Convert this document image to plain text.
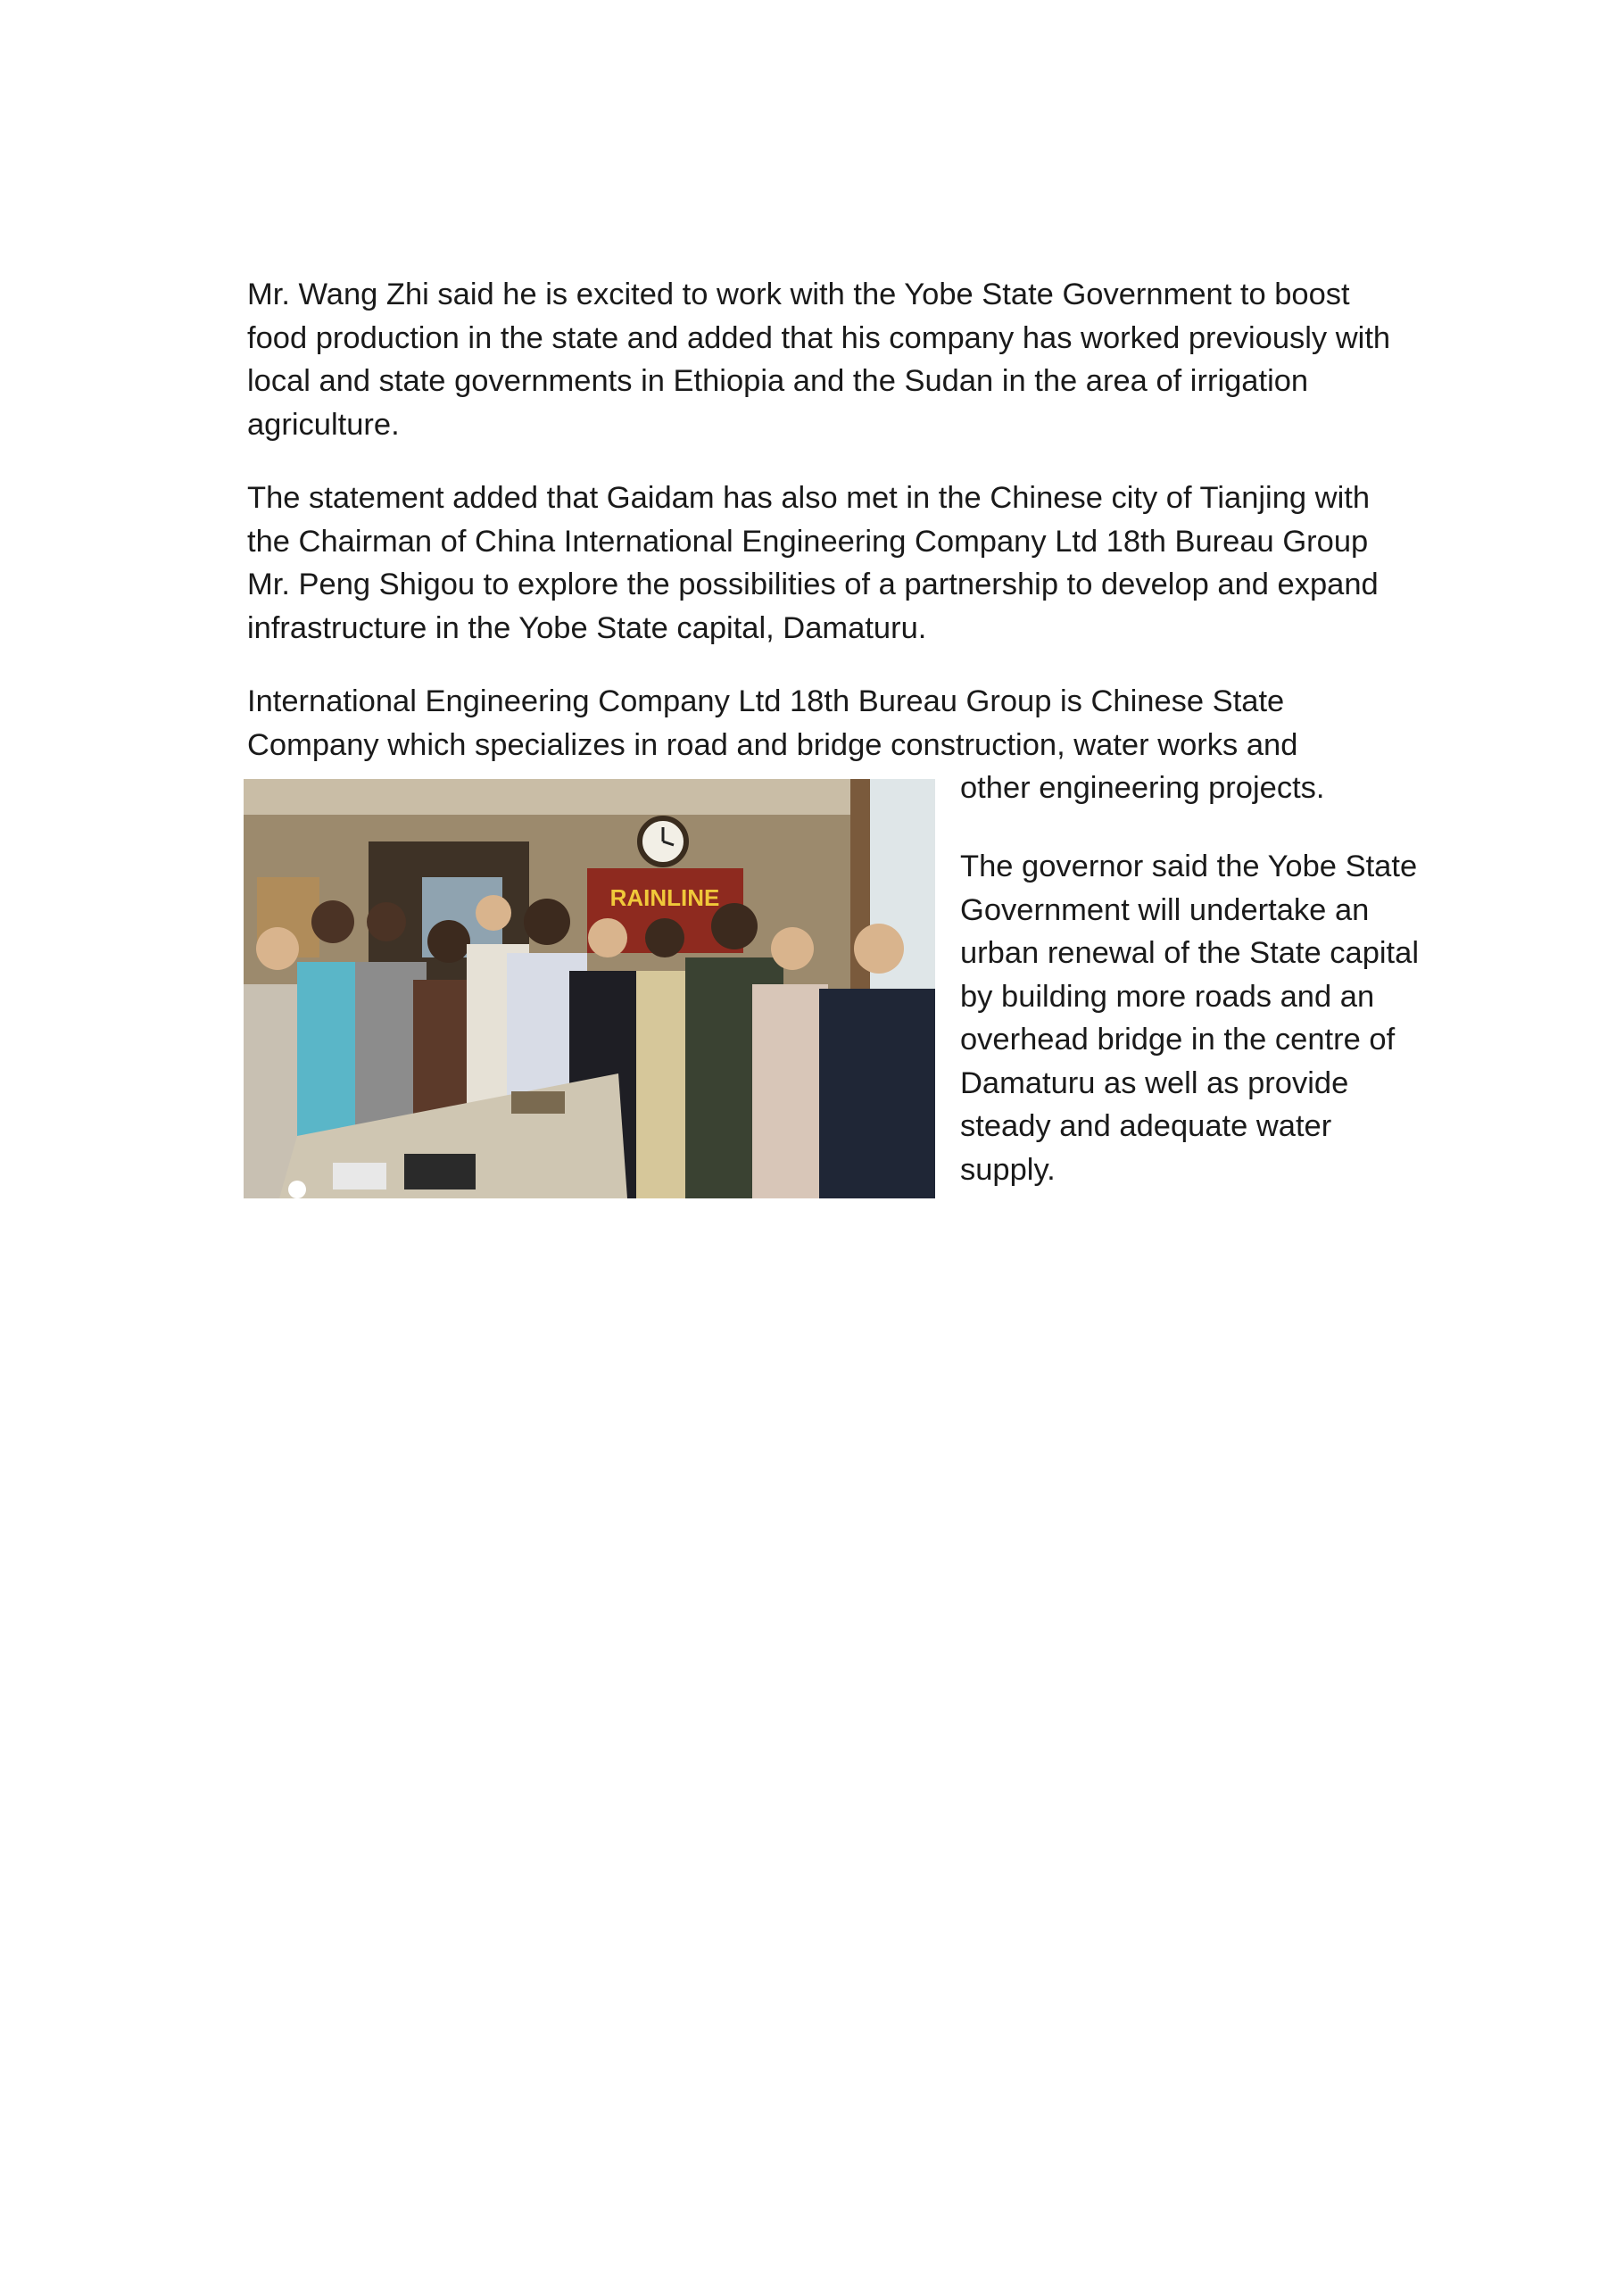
Mr. Wang Zhi said he is excited to work with the Yobe State Government to boost food production in the state and added that his company has worked previously with local and state governments in Ethiopia and the Sudan in the area of irrigation agriculture.

The statement added that Gaidam has also met in the Chinese city of Tianjing with the Chairman of China International Engineering Company Ltd 18th Bureau Group Mr. Peng Shigou to explore the possibilities of a partnership to develop and expand infrastructure in the Yobe State capital, Damaturu.

International Engineering Company Ltd 18th Bureau Group is Chinese State Company which specializes in road and bridge construction, water works and

other engineering projects.

The governor said the Yobe State Government will undertake an urban renewal of the State capital by building more roads and an overhead bridge in the centre of Damaturu as well as provide steady and adequate water supply.

RAINLINE
